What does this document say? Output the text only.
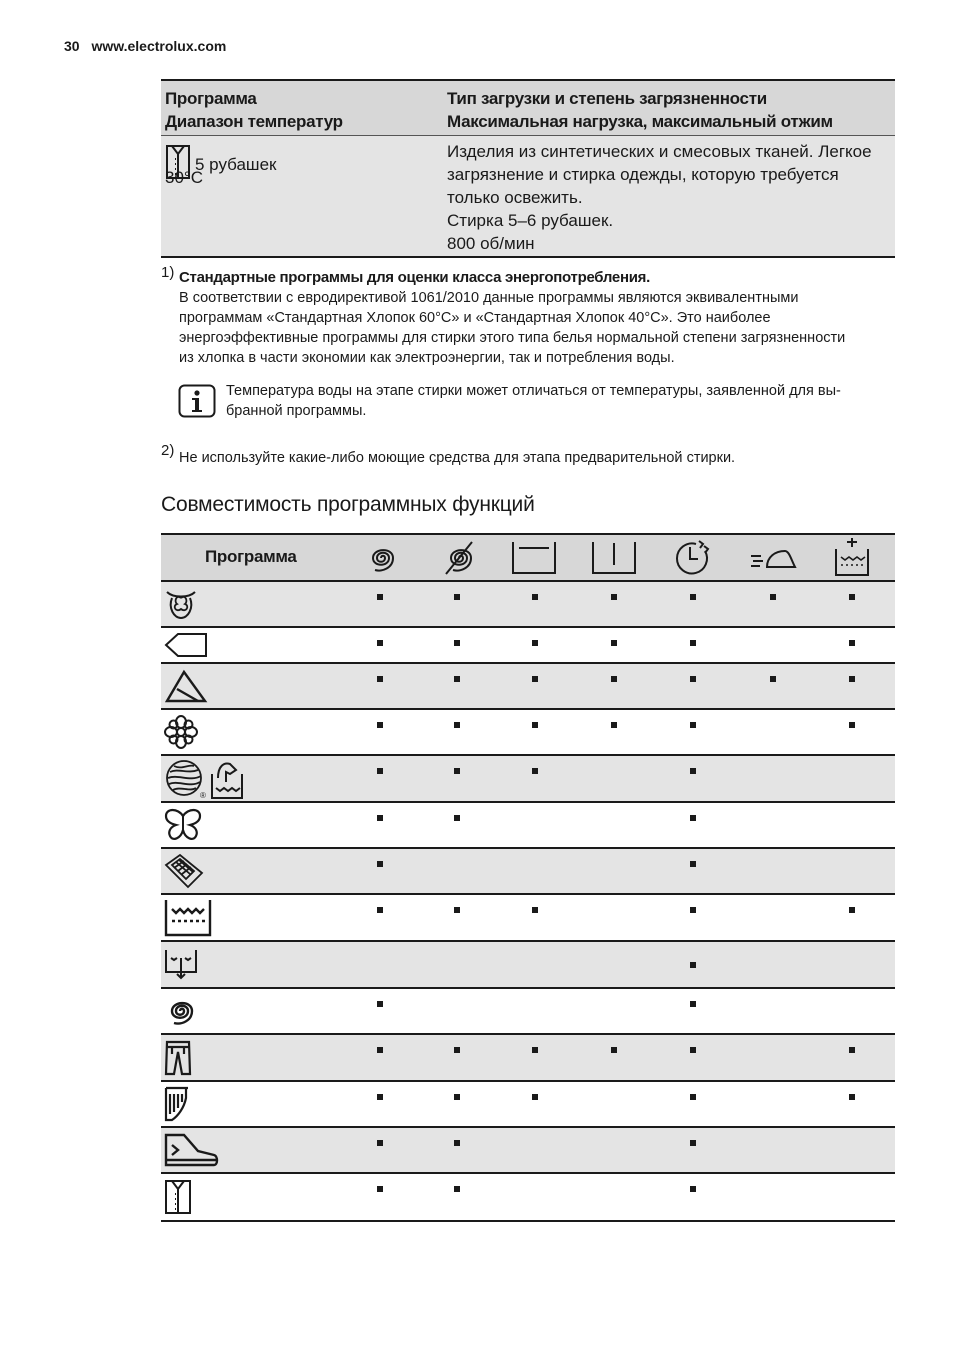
30 www.electrolux.com
Программа
Диапазон температур
Тип загрузки и степень загрязненности
Максимальная нагрузка, максимальный отжим
5 рубашек
30°C
Изделия из синтетических и смесовых тканей. Легкое
загрязнение и стирка одежды, которую требуется
только освежить.
Стирка 5–6 рубашек.
800 об/мин
1) Стандартные программы для оценки класса энергопотребления.
В соответствии с евродирективой 1061/2010 данные программы являются эквивалентными
программам «Стандартная Хлопок 60°C» и «Стандартная Хлопок 40°C». Это наиболее
энергоэффективные программы для стирки этого типа белья нормальной степени загрязненности
из хлопка в части экономии как электроэнергии, так и потребления воды.
Температура воды на этапе стирки может отличаться от температуры, заявленной для вы-
бранной программы.
2) Не используйте какие-либо моющие средства для этапа предварительной стирки.
Совместимость программных функций
Программа
®
